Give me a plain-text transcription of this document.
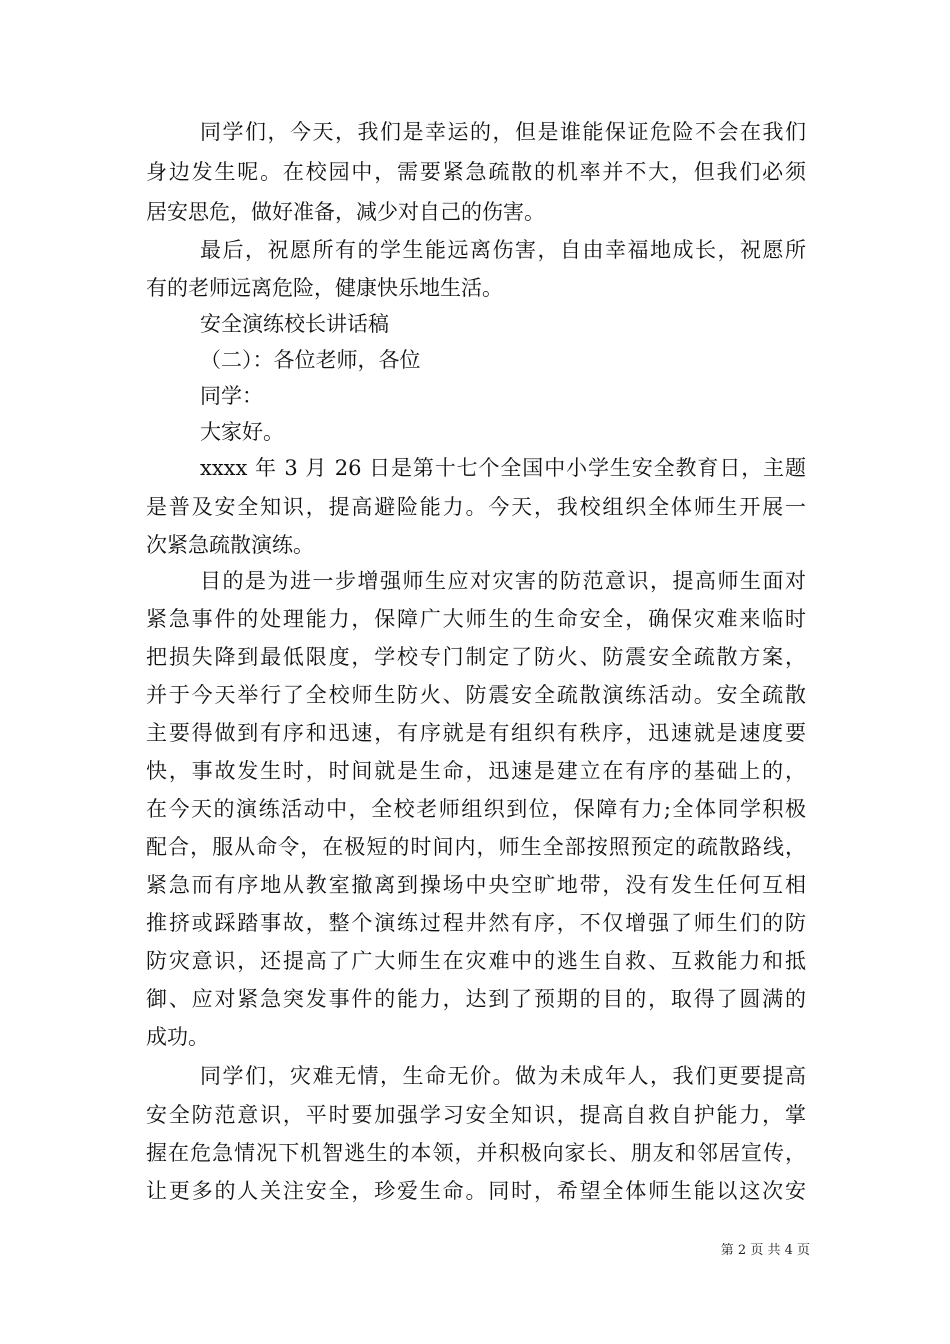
同学们，今天，我们是幸运的，但是谁能保证危险不会在我们

身边发生呢。在校园中，需要紧急疏散的机率并不大，但我们必须

居安思危，做好准备，减少对自己的伤害。

最后，祝愿所有的学生能远离伤害，自由幸福地成长，祝愿所

有的老师远离危险，健康快乐地生活。

安全演练校长讲话稿

（二）：各位老师，各位

同学：

大家好。

xxxx 年 3 月 26 日是第十七个全国中小学生安全教育日，主题

是普及安全知识，提高避险能力。今天，我校组织全体师生开展一

次紧急疏散演练。

目的是为进一步增强师生应对灾害的防范意识，提高师生面对

紧急事件的处理能力，保障广大师生的生命安全，确保灾难来临时

把损失降到最低限度，学校专门制定了防火、防震安全疏散方案，

并于今天举行了全校师生防火、防震安全疏散演练活动。安全疏散

主要得做到有序和迅速，有序就是有组织有秩序，迅速就是速度要

快，事故发生时，时间就是生命，迅速是建立在有序的基础上的，

在今天的演练活动中，全校老师组织到位，保障有力;全体同学积极

配合，服从命令，在极短的时间内，师生全部按照预定的疏散路线，

紧急而有序地从教室撤离到操场中央空旷地带，没有发生任何互相

推挤或踩踏事故，整个演练过程井然有序，不仅增强了师生们的防

防灾意识，还提高了广大师生在灾难中的逃生自救、互救能力和抵

御、应对紧急突发事件的能力，达到了预期的目的，取得了圆满的

成功。

同学们，灾难无情，生命无价。做为未成年人，我们更要提高

安全防范意识，平时要加强学习安全知识，提高自救自护能力，掌

握在危急情况下机智逃生的本领，并积极向家长、朋友和邻居宣传，

让更多的人关注安全，珍爱生命。同时，希望全体师生能以这次安

第 2 页 共 4 页
